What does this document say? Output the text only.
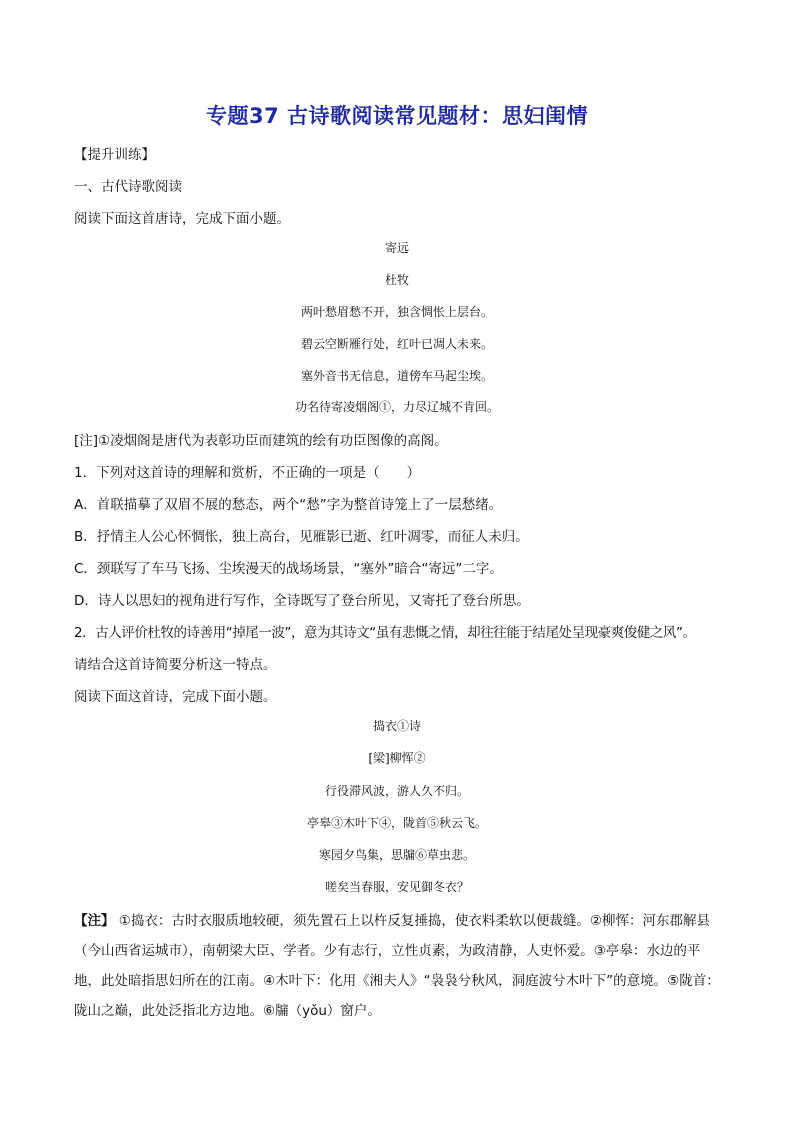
专题37 古诗歌阅读常见题材：思妇闺情
【提升训练】
一、古代诗歌阅读
阅读下面这首唐诗，完成下面小题。
寄远
杜牧
两叶愁眉愁不开，独含惆怅上层台。
碧云空断雁行处，红叶已凋人未来。
塞外音书无信息，道傍车马起尘埃。
功名待寄凌烟阁①，力尽辽城不肯回。
[注]①凌烟阁是唐代为表彰功臣而建筑的绘有功臣图像的高阁。
1．下列对这首诗的理解和赏析，不正确的一项是（　　）
A．首联描摹了双眉不展的愁态，两个“愁”字为整首诗笼上了一层愁绪。
B．抒情主人公心怀惆怅，独上高台，见雁影已逝、红叶凋零，而征人未归。
C．颈联写了车马飞扬、尘埃漫天的战场场景，“塞外”暗合“寄远”二字。
D．诗人以思妇的视角进行写作，全诗既写了登台所见，又寄托了登台所思。
2．古人评价杜牧的诗善用“掉尾一波”，意为其诗文“虽有悲慨之情，却往往能于结尾处呈现豪爽俊健之风”。
请结合这首诗简要分析这一特点。
阅读下面这首诗，完成下面小题。
捣衣①诗
[梁]柳恽②
行役滞风波，游人久不归。
亭皋③木叶下④，陇首⑤秋云飞。
寒园夕鸟集，思牖⑥草虫悲。
嗟矣当春服，安见御冬衣？
【注】 ①捣衣：古时衣服质地较硬，须先置石上以杵反复捶捣，使衣料柔软以便裁缝。②柳恽：河东郡解县（今山西省运城市），南朝梁大臣、学者。少有志行，立性贞素，为政清静，人吏怀爱。③亭皋：水边的平地，此处暗指思妇所在的江南。④木叶下：化用《湘夫人》“袅袅兮秋风，洞庭波兮木叶下”的意境。⑤陇首：陇山之巅，此处泛指北方边地。⑥牖（yǒu）窗户。
